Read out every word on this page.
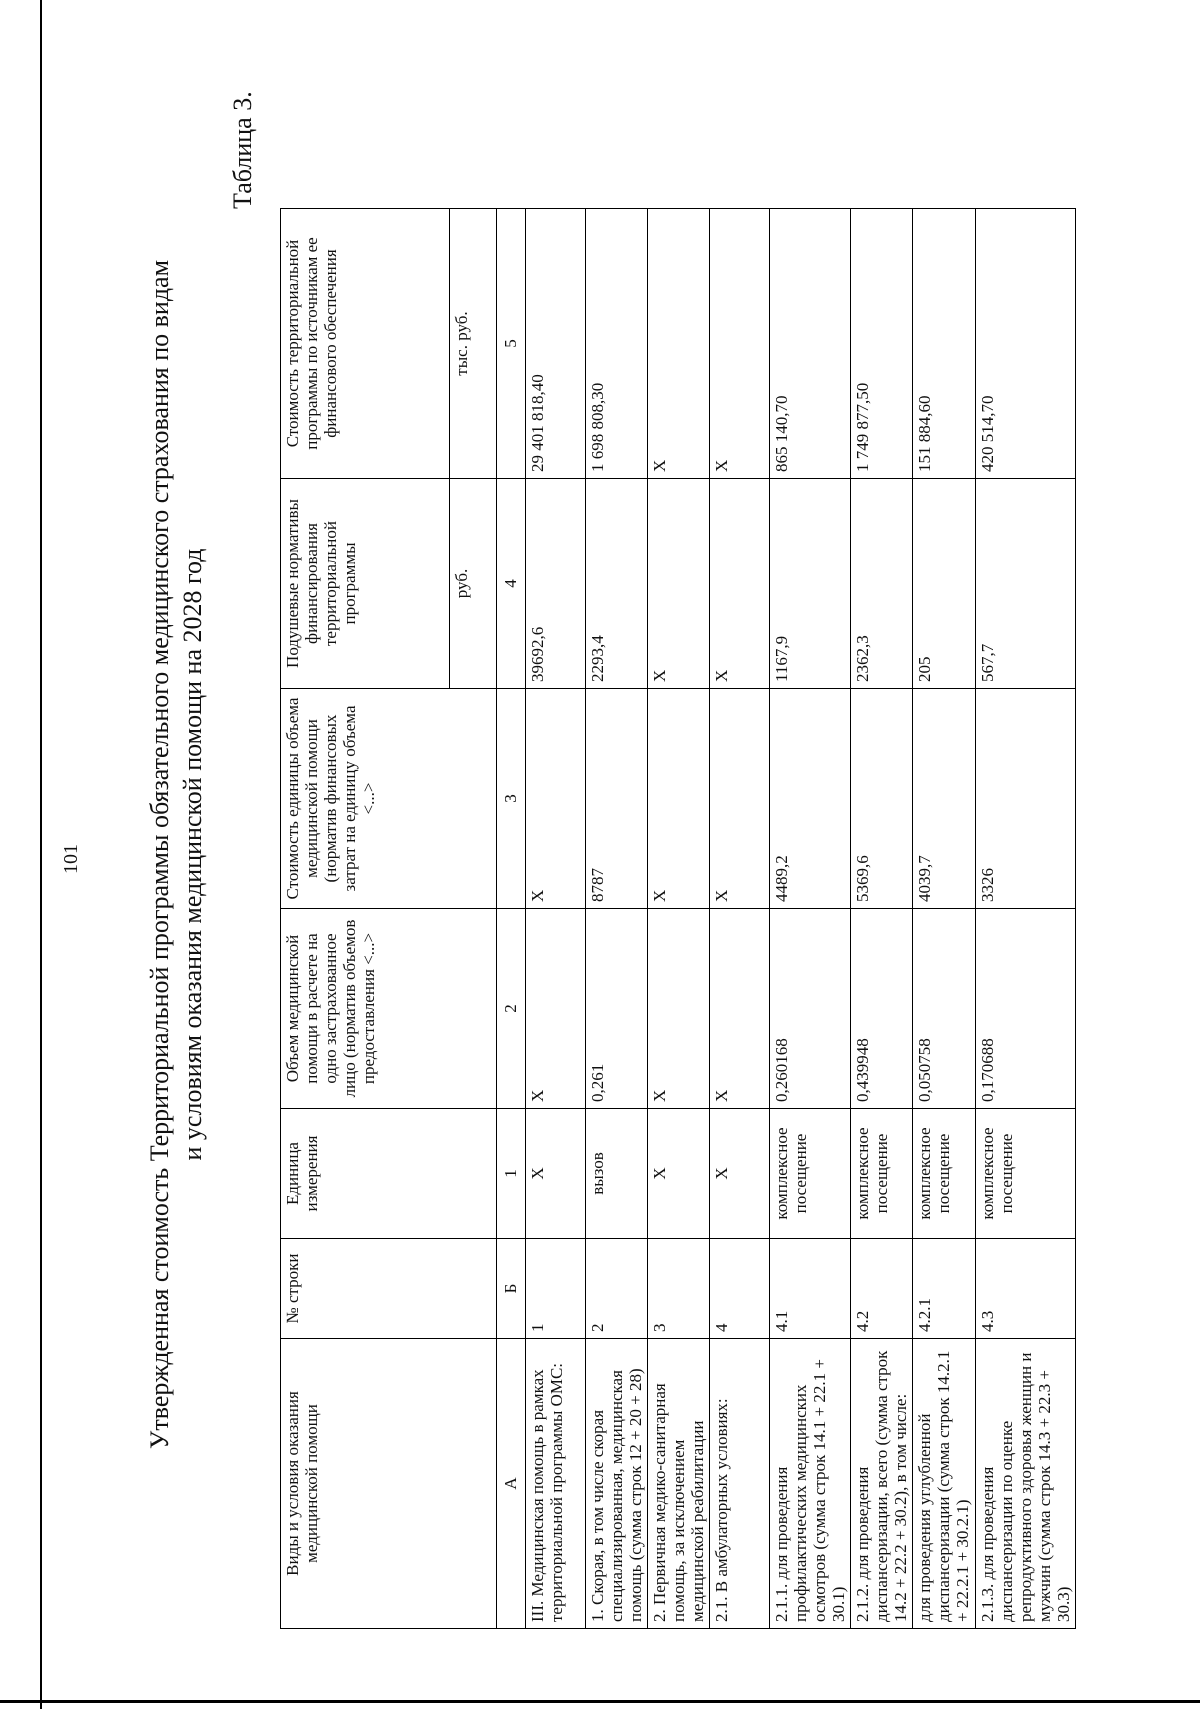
101 Утвержденная стоимость Территориальной программы обязательного медицинского страхования по видам и условиям оказания медицинской помощи на 2028 год
Таблица 3.
Виды и условия оказания медицинской помощи	№ строки	Единица измерения	Объем медицинской помощи в расчете на одно застрахованное лицо (норматив объемов предоставления <...>	Стоимость единицы объема медицинской помощи (норматив финансовых затрат на единицу объема <...>	Подушевые нормативы финансирования территориальной программы	Стоимость территориальной программы по источникам ее финансового обеспечения
					руб.	тыс. руб.
А	Б	1	2	3	4	5
III. Медицинская помощь в рамках территориальной программы ОМС:	1	Х	Х	Х	39692,6	29 401 818,40
1. Скорая, в том числе скорая специализированная, медицинская помощь (сумма строк 12 + 20 + 28)	2	вызов	0,261	8787	2293,4	1 698 808,30
2. Первичная медико-санитарная помощь, за исключением медицинской реабилитации	3	Х	Х	Х	Х	Х
2.1. В амбулаторных условиях:	4	Х	Х	Х	Х	Х
2.1.1. для проведения профилактических медицинских осмотров (сумма строк 14.1 + 22.1 + 30.1)	4.1	комплексное посещение	0,260168	4489,2	1167,9	865 140,70
2.1.2. для проведения диспансеризации, всего (сумма строк 14.2 + 22.2 + 30.2), в том числе:	4.2	комплексное посещение	0,439948	5369,6	2362,3	1 749 877,50
для проведения углубленной диспансеризации (сумма строк 14.2.1 + 22.2.1 + 30.2.1)	4.2.1	комплексное посещение	0,050758	4039,7	205	151 884,60
2.1.3. для проведения диспансеризации по оценке репродуктивного здоровья женщин и мужчин (сумма строк 14.3 + 22.3 + 30.3)	4.3	комплексное посещение	0,170688	3326	567,7	420 514,70
